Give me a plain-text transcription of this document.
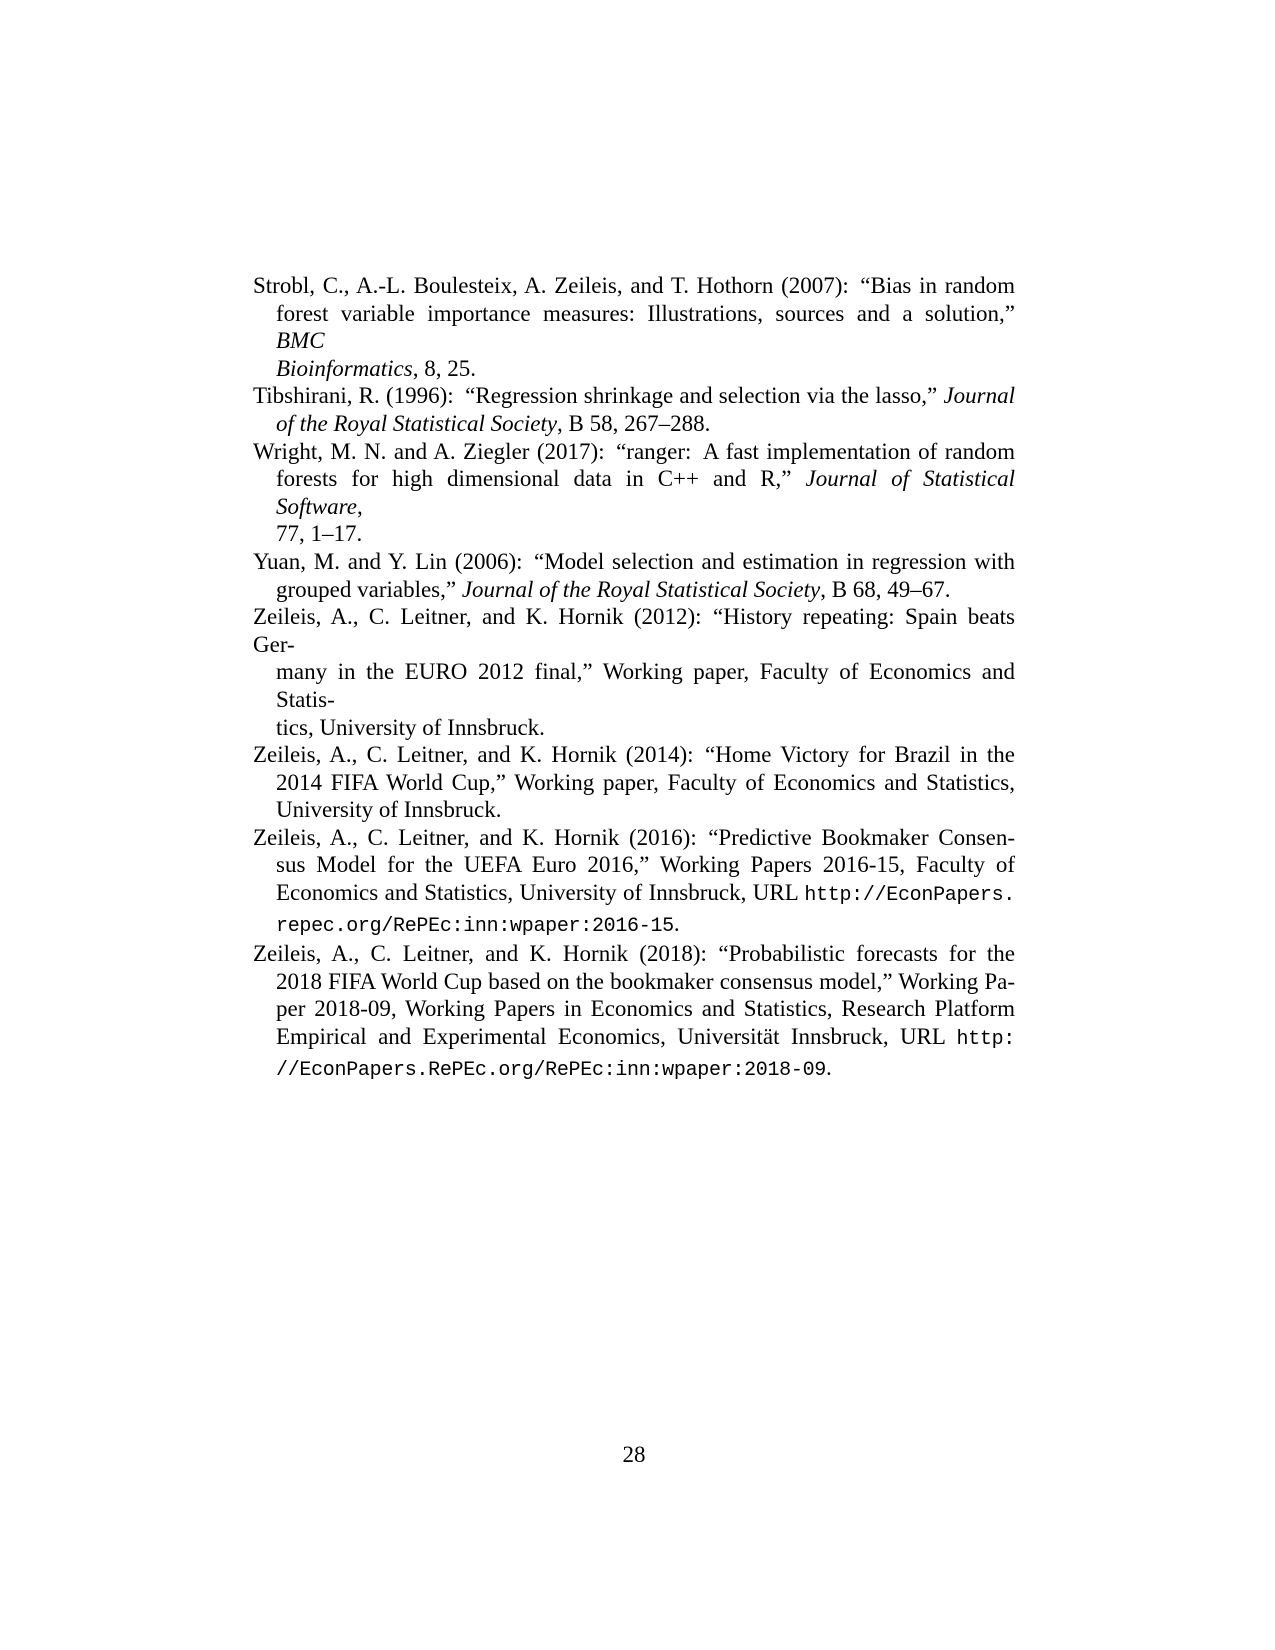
Strobl, C., A.-L. Boulesteix, A. Zeileis, and T. Hothorn (2007): “Bias in random
forest variable importance measures: Illustrations, sources and a solution,” BMC
Bioinformatics, 8, 25.

Tibshirani, R. (1996): “Regression shrinkage and selection via the lasso,” Journal
of the Royal Statistical Society, B 58, 267–288.

Wright, M. N. and A. Ziegler (2017): “ranger: A fast implementation of random
forests for high dimensional data in C++ and R,” Journal of Statistical Software,
77, 1–17.

Yuan, M. and Y. Lin (2006): “Model selection and estimation in regression with
grouped variables,” Journal of the Royal Statistical Society, B 68, 49–67.

Zeileis, A., C. Leitner, and K. Hornik (2012): “History repeating: Spain beats Ger-
many in the EURO 2012 final,” Working paper, Faculty of Economics and Statis-
tics, University of Innsbruck.

Zeileis, A., C. Leitner, and K. Hornik (2014): “Home Victory for Brazil in the
2014 FIFA World Cup,” Working paper, Faculty of Economics and Statistics,
University of Innsbruck.

Zeileis, A., C. Leitner, and K. Hornik (2016): “Predictive Bookmaker Consen-
sus Model for the UEFA Euro 2016,” Working Papers 2016-15, Faculty of
Economics and Statistics, University of Innsbruck, URL http://EconPapers.
repec.org/RePEc:inn:wpaper:2016-15.

Zeileis, A., C. Leitner, and K. Hornik (2018): “Probabilistic forecasts for the
2018 FIFA World Cup based on the bookmaker consensus model,” Working Pa-
per 2018-09, Working Papers in Economics and Statistics, Research Platform
Empirical and Experimental Economics, Universität Innsbruck, URL http:
//EconPapers.RePEc.org/RePEc:inn:wpaper:2018-09.

28
